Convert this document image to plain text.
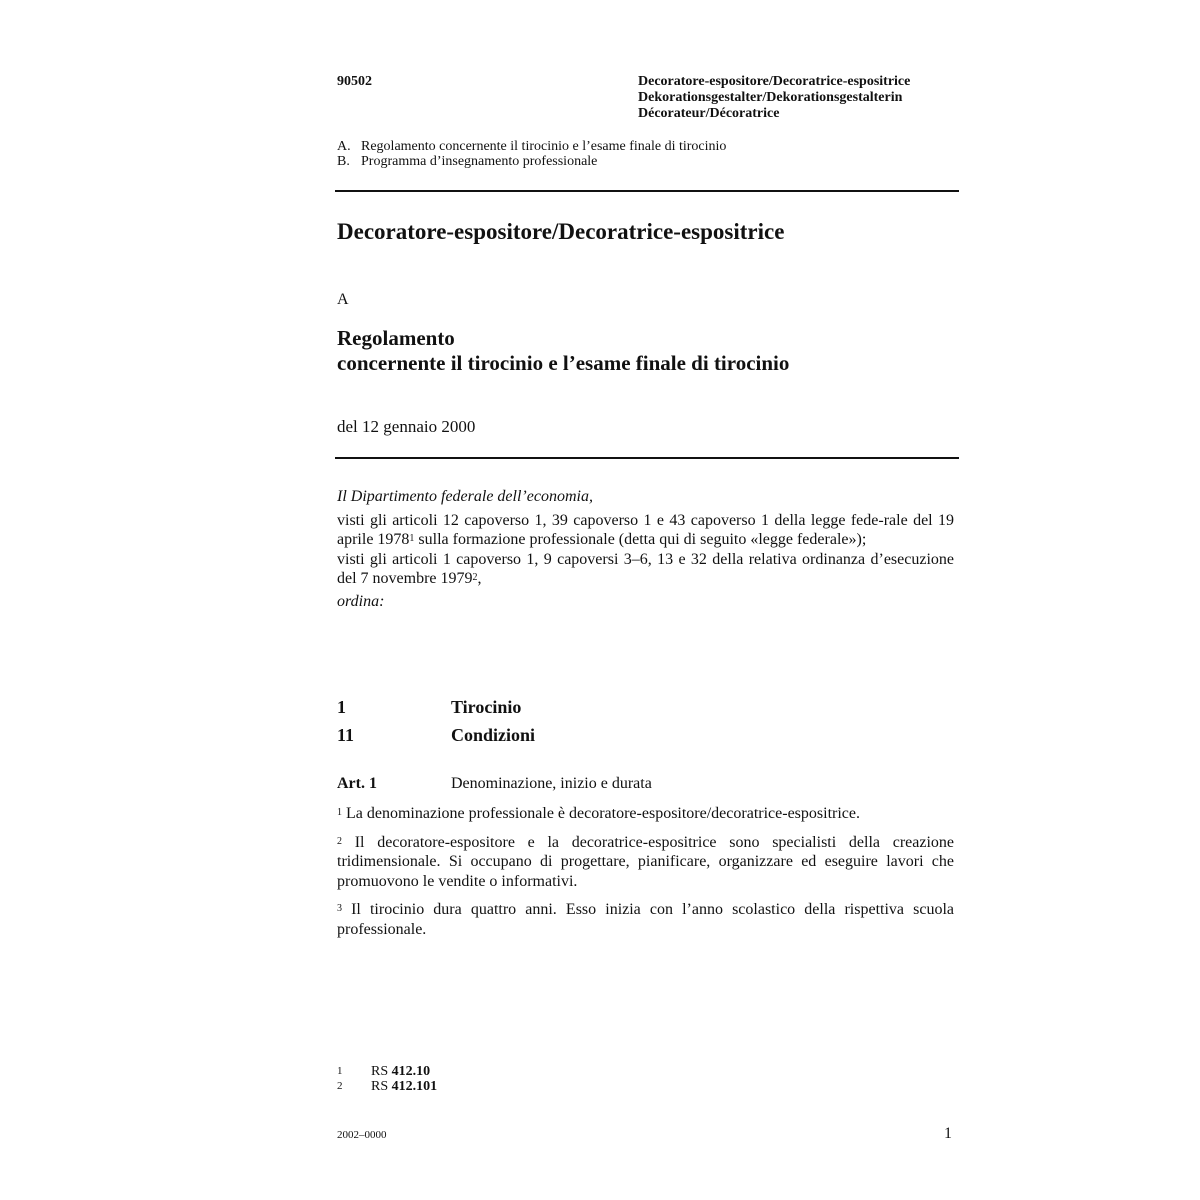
90502	Decoratore-espositore/Decoratrice-espositrice
Dekorationsgestalter/Dekorationsgestalterin
Décorateur/Décoratrice
A. Regolamento concernente il tirocinio e l’esame finale di tirocinio
B. Programma d’insegnamento professionale
Decoratore-espositore/Decoratrice-espositrice
A
Regolamento
concernente il tirocinio e l’esame finale di tirocinio
del 12 gennaio 2000

Il Dipartimento federale dell’economia,

visti gli articoli 12 capoverso 1, 39 capoverso 1 e 43 capoverso 1 della legge fede-rale del 19 aprile 1978$^1$ sulla formazione professionale (detta qui di seguito «legge federale»);

visti gli articoli 1 capoverso 1, 9 capoversi 3–6, 13 e 32 della relativa ordinanza d’esecuzione del 7 novembre 1979$^2$,

ordina:

1	Tirocinio
11	Condizioni
Art. 1	Denominazione, inizio e durata

$^1$ La denominazione professionale è decoratore-espositore/decoratrice-espositrice.

$^2$ Il decoratore-espositore e la decoratrice-espositrice sono specialisti della creazione tridimensionale. Si occupano di progettare, pianificare, organizzare ed eseguire lavori che promuovono le vendite o informativi.

$^3$ Il tirocinio dura quattro anni. Esso inizia con l’anno scolastico della rispettiva scuola professionale.

1 RS 412.10
2 RS 412.101
2002–0000	1
